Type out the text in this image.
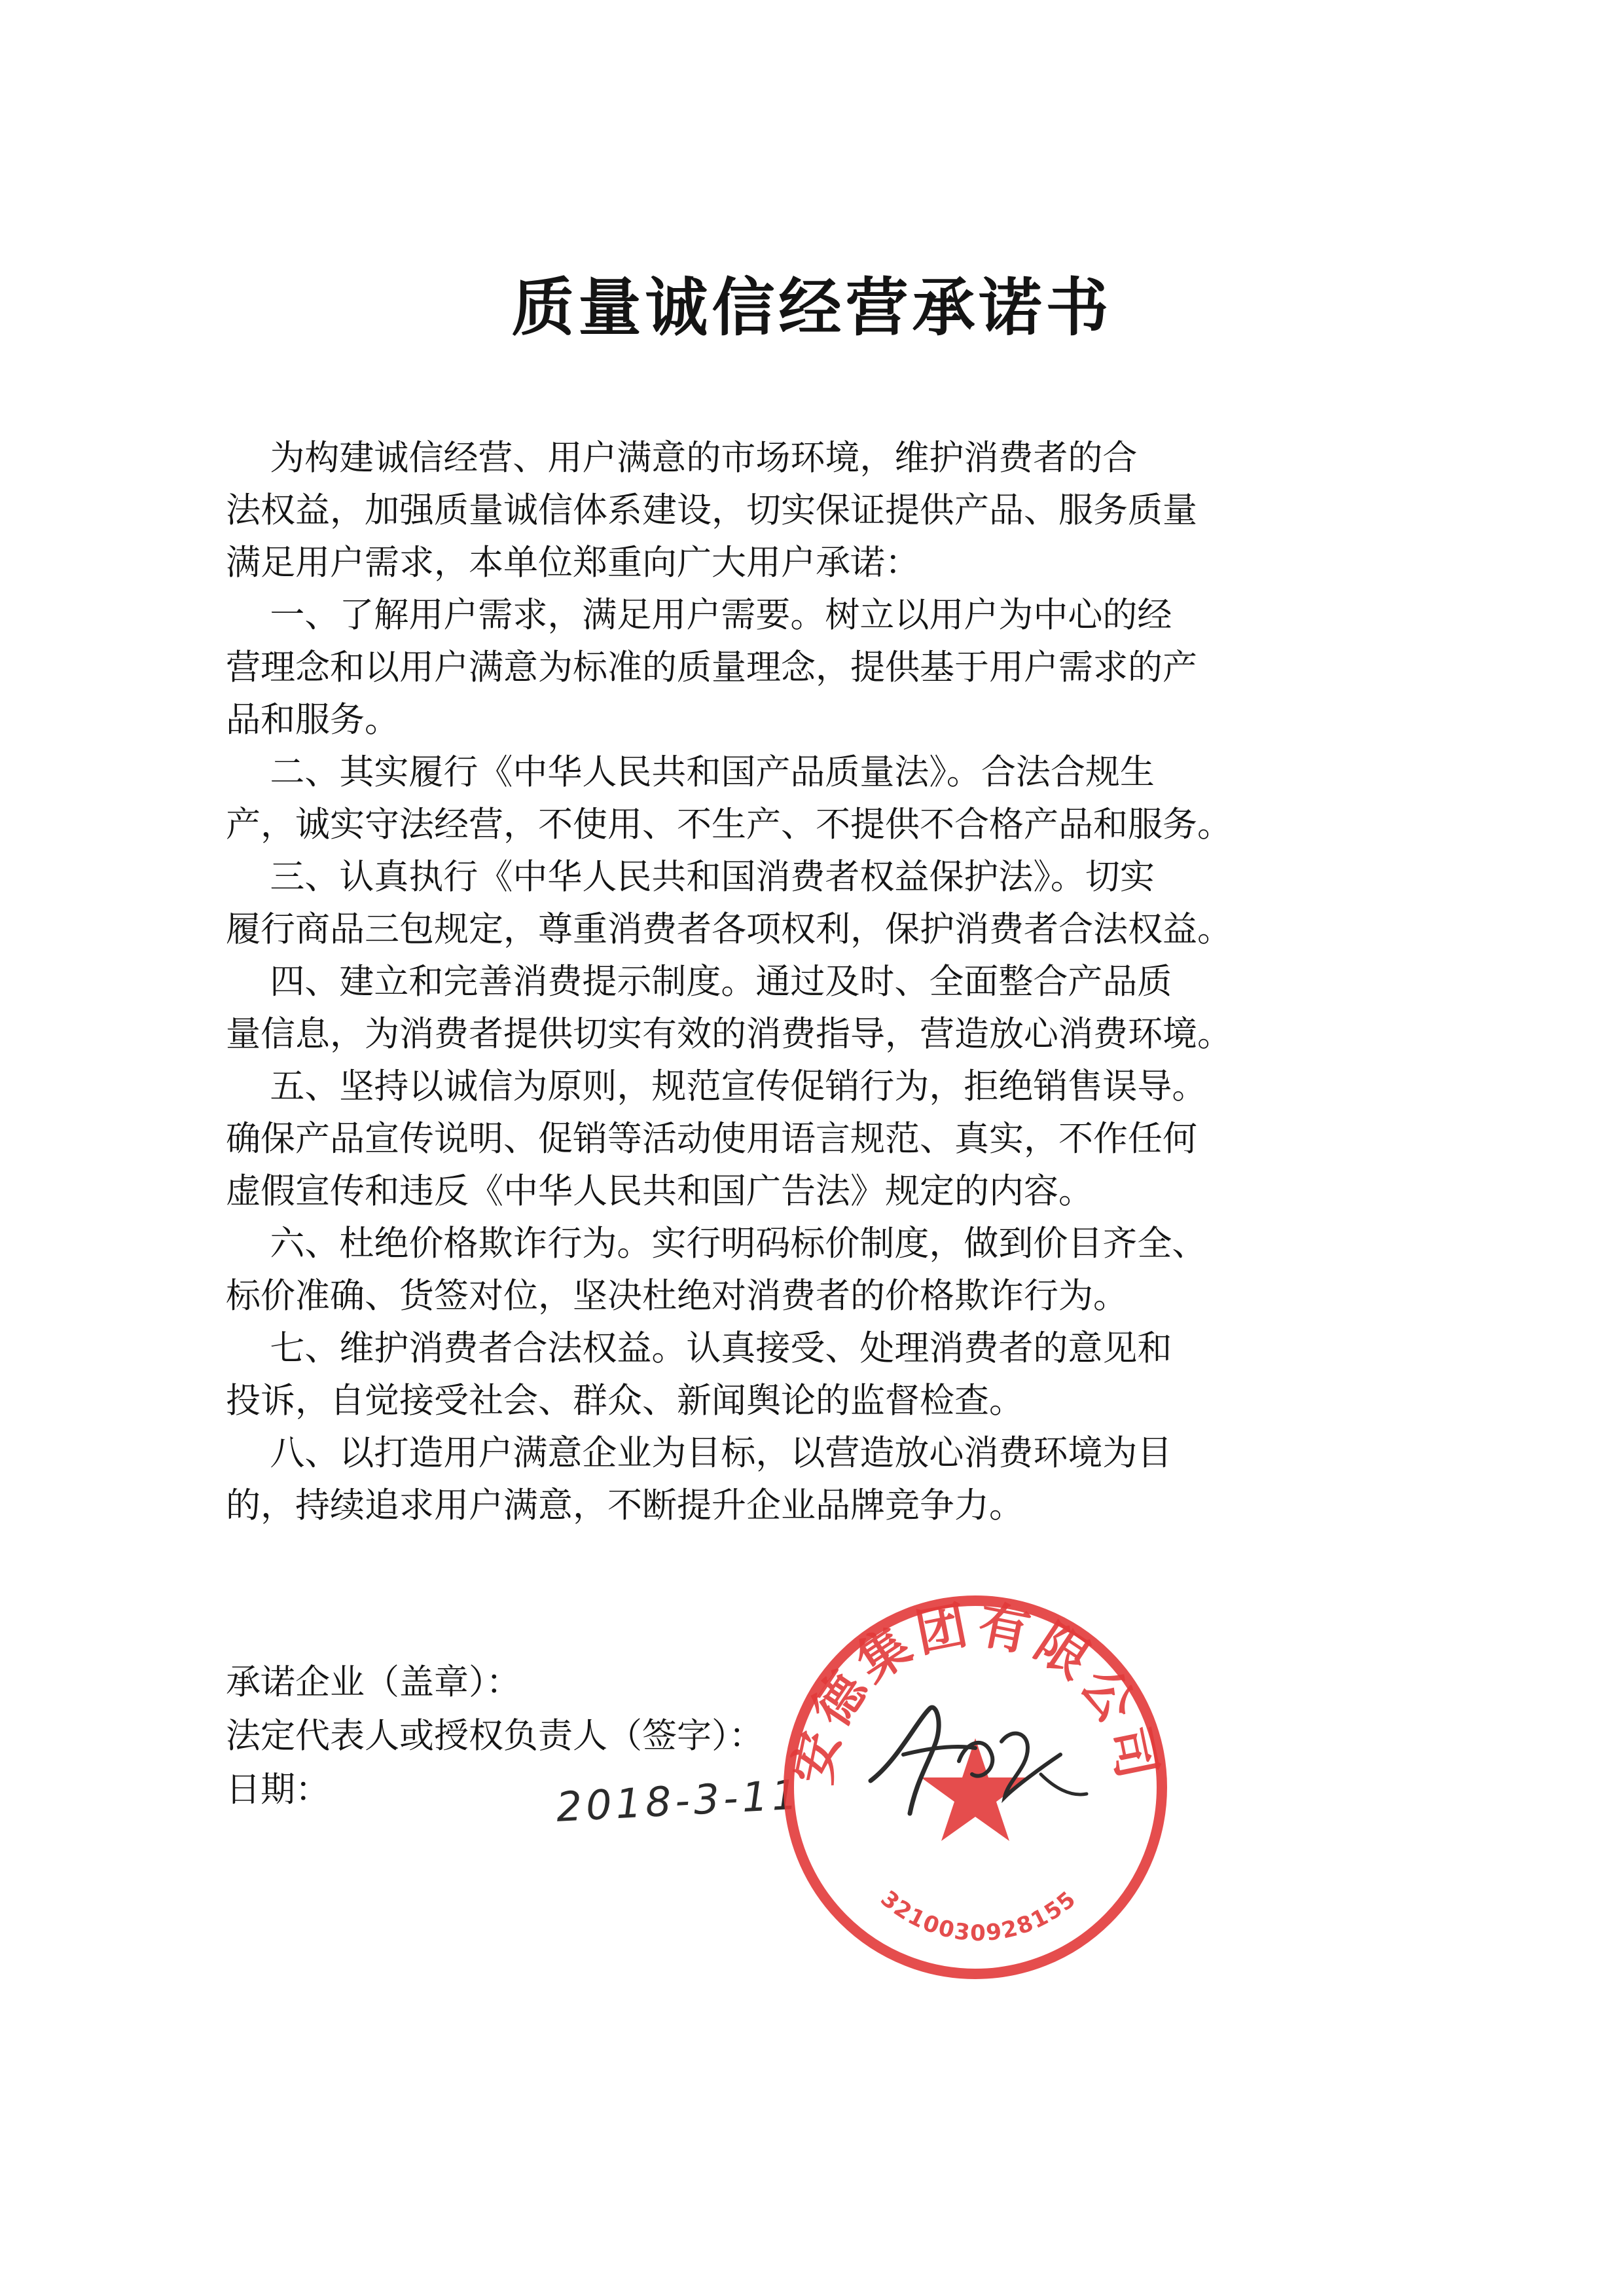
质量诚信经营承诺书
为构建诚信经营、用户满意的市场环境，维护消费者的合
法权益，加强质量诚信体系建设，切实保证提供产品、服务质量
满足用户需求，本单位郑重向广大用户承诺：
一、了解用户需求，满足用户需要。树立以用户为中心的经
营理念和以用户满意为标准的质量理念，提供基于用户需求的产
品和服务。
二、其实履行《中华人民共和国产品质量法》。合法合规生
产，诚实守法经营，不使用、不生产、不提供不合格产品和服务。
三、认真执行《中华人民共和国消费者权益保护法》。切实
履行商品三包规定，尊重消费者各项权利，保护消费者合法权益。
四、建立和完善消费提示制度。通过及时、全面整合产品质
量信息，为消费者提供切实有效的消费指导，营造放心消费环境。
五、坚持以诚信为原则，规范宣传促销行为，拒绝销售误导。
确保产品宣传说明、促销等活动使用语言规范、真实，不作任何
虚假宣传和违反《中华人民共和国广告法》规定的内容。
六、杜绝价格欺诈行为。实行明码标价制度，做到价目齐全、
标价准确、货签对位，坚决杜绝对消费者的价格欺诈行为。
七、维护消费者合法权益。认真接受、处理消费者的意见和
投诉，自觉接受社会、群众、新闻舆论的监督检查。
八、以打造用户满意企业为目标，以营造放心消费环境为目
的，持续追求用户满意，不断提升企业品牌竞争力。
承诺企业（盖章）：
法定代表人或授权负责人（签字）：
日期：	2018-3-11
安德集团有限公司
3210030928155
